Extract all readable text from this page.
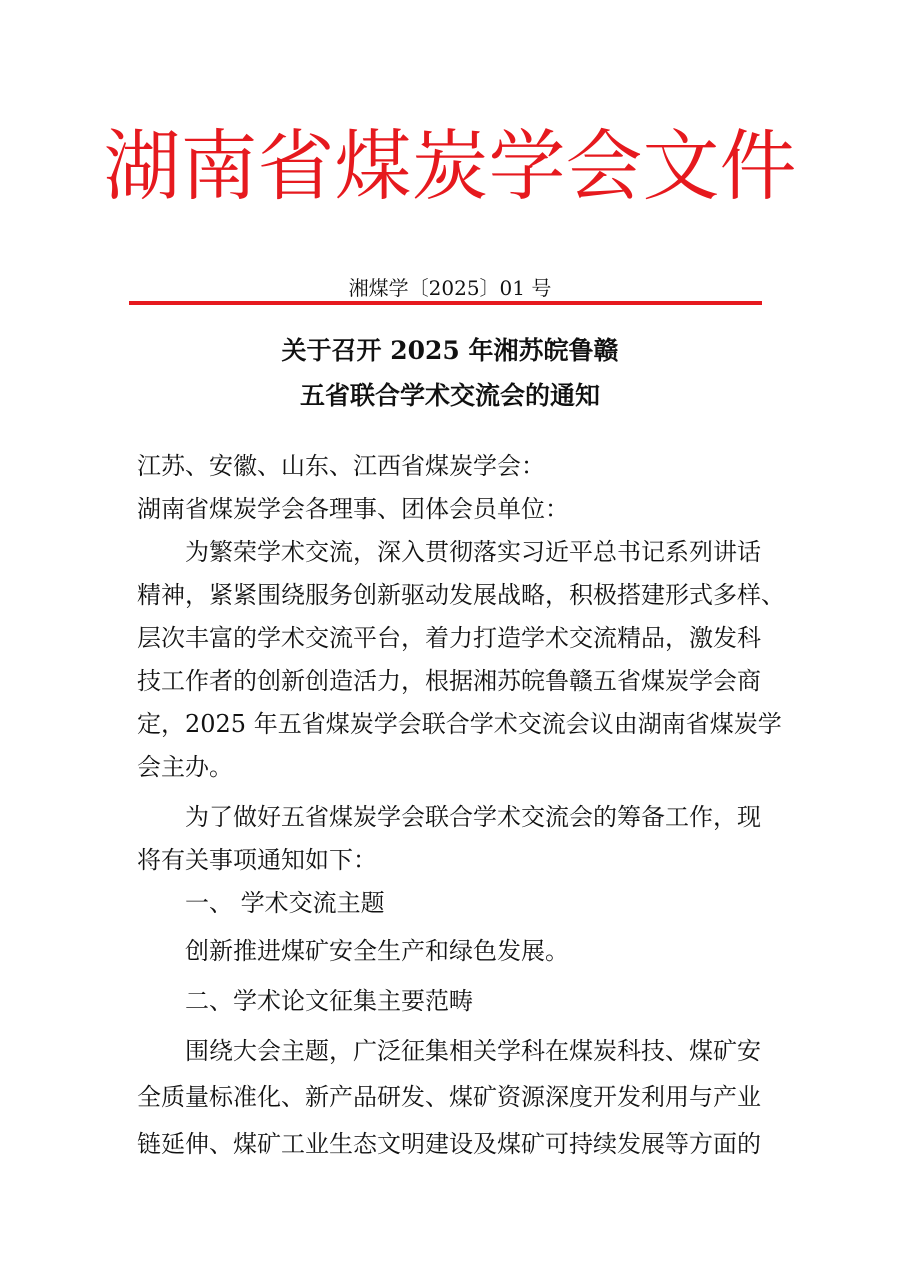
湖南省煤炭学会文件
湘煤学〔2025〕01 号
关于召开 2025 年湘苏皖鲁赣
五省联合学术交流会的通知
江苏、安徽、山东、江西省煤炭学会：
湖南省煤炭学会各理事、团体会员单位：
为繁荣学术交流，深入贯彻落实习近平总书记系列讲话
精神，紧紧围绕服务创新驱动发展战略，积极搭建形式多样、
层次丰富的学术交流平台，着力打造学术交流精品，激发科
技工作者的创新创造活力，根据湘苏皖鲁赣五省煤炭学会商
定，2025 年五省煤炭学会联合学术交流会议由湖南省煤炭学
会主办。
为了做好五省煤炭学会联合学术交流会的筹备工作，现
将有关事项通知如下：
一、 学术交流主题
创新推进煤矿安全生产和绿色发展。
二、学术论文征集主要范畴
围绕大会主题，广泛征集相关学科在煤炭科技、煤矿安
全质量标准化、新产品研发、煤矿资源深度开发利用与产业
链延伸、煤矿工业生态文明建设及煤矿可持续发展等方面的
